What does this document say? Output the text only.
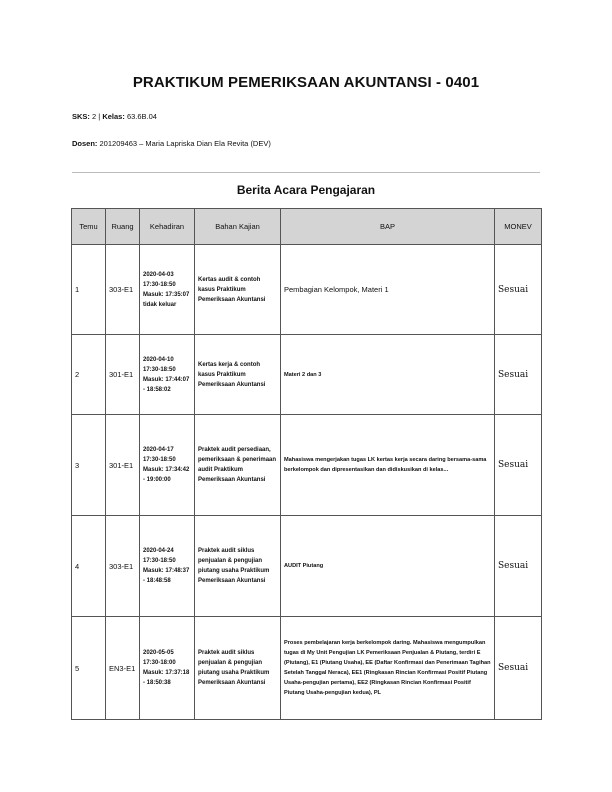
PRAKTIKUM PEMERIKSAAN AKUNTANSI - 0401
SKS: 2 | Kelas: 63.6B.04
Dosen: 201209463 – Maria Lapriska Dian Ela Revita (DEV)
Berita Acara Pengajaran
Temu	Ruang	Kehadiran	Bahan Kajian	BAP	MONEV
1	303-E1	2020-04-03 17:30-18:50 Masuk: 17:35:07 tidak keluar	Kertas audit & contoh kasus Praktikum Pemeriksaan Akuntansi	Pembagian Kelompok, Materi 1	Sesuai
2	301-E1	2020-04-10 17:30-18:50 Masuk: 17:44:07 - 18:58:02	Kertas kerja & contoh kasus Praktikum Pemeriksaan Akuntansi	Materi 2 dan 3	Sesuai
3	301-E1	2020-04-17 17:30-18:50 Masuk: 17:34:42 - 19:00:00	Praktek audit persediaan, pemeriksaan & penerimaan audit Praktikum Pemeriksaan Akuntansi	Mahasiswa mengerjakan tugas LK kertas kerja secara daring bersama-sama berkelompok dan dipresentasikan dan didiskusikan di kelas...	Sesuai
4	303-E1	2020-04-24 17:30-18:50 Masuk: 17:48:37 - 18:48:58	Praktek audit siklus penjualan & pengujian piutang usaha Praktikum Pemeriksaan Akuntansi	AUDIT Piutang	Sesuai
5	EN3-E1	2020-05-05 17:30-18:00 Masuk: 17:37:18 - 18:50:38	Praktek audit siklus penjualan & pengujian piutang usaha Praktikum Pemeriksaan Akuntansi	Proses pembelajaran kerja berkelompok daring. Mahasiswa mengumpulkan tugas di My Unit Pengujian LK Pemeriksaan Penjualan & Piutang, terdiri E (Piutang), E1 (Piutang Usaha), EE (Daftar Konfirmasi dan Penerimaan Tagihan Setelah Tanggal Neraca), EE1 (Ringkasan Rincian Konfirmasi Positif Piutang Usaha-pengujian pertama), EE2 (Ringkasan Rincian Konfirmasi Positif Piutang Usaha-pengujian kedua), PL	Sesuai
